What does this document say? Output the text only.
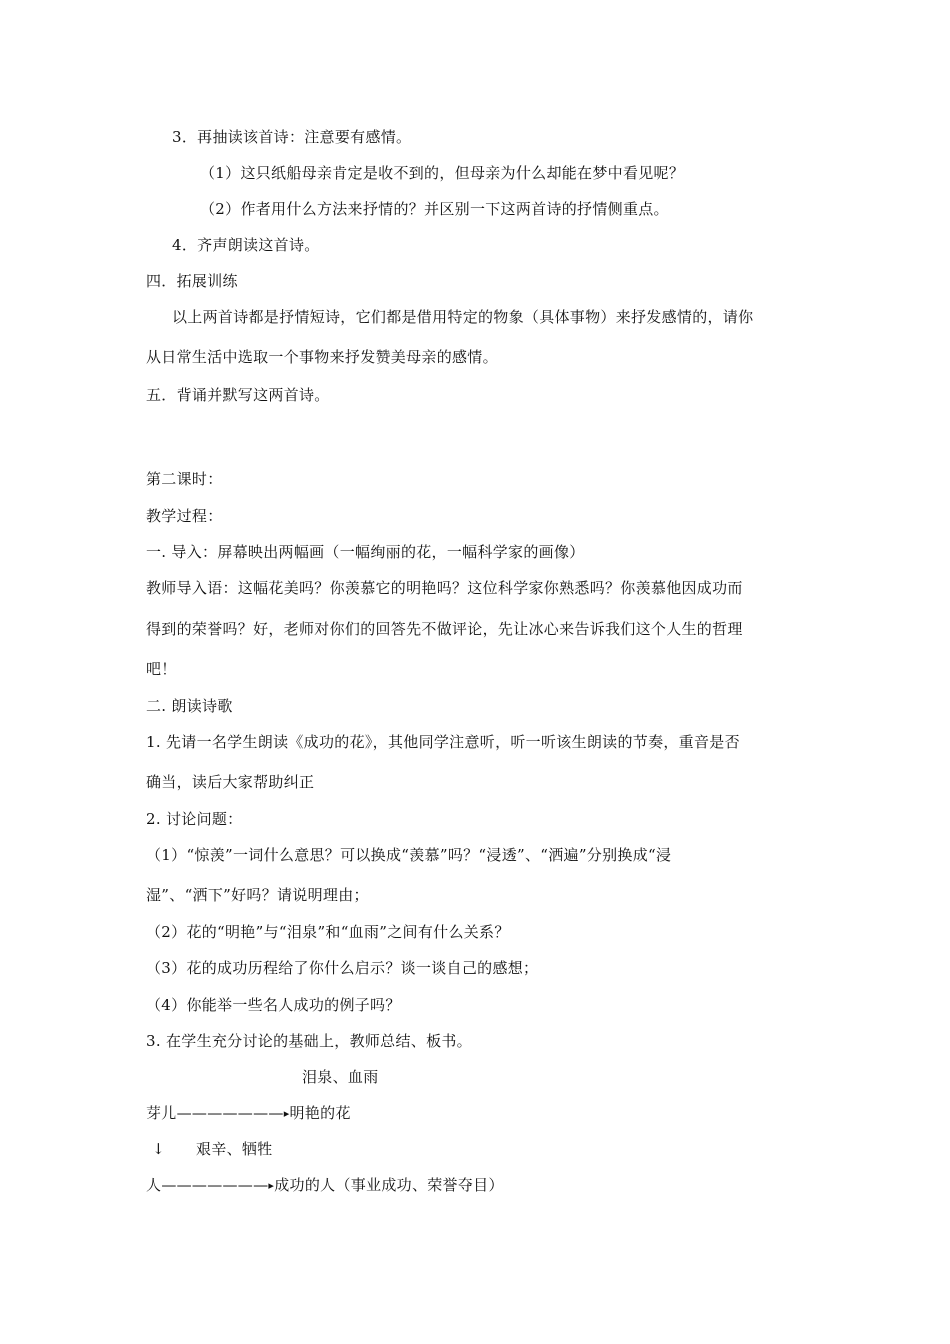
3．再抽读该首诗：注意要有感情。
（1）这只纸船母亲肯定是收不到的，但母亲为什么却能在梦中看见呢？
（2）作者用什么方法来抒情的？并区别一下这两首诗的抒情侧重点。
4．齐声朗读这首诗。
四．拓展训练
以上两首诗都是抒情短诗，它们都是借用特定的物象（具体事物）来抒发感情的，请你
从日常生活中选取一个事物来抒发赞美母亲的感情。
五．背诵并默写这两首诗。
第二课时：
教学过程：
一. 导入：屏幕映出两幅画（一幅绚丽的花，一幅科学家的画像）
教师导入语：这幅花美吗？你羡慕它的明艳吗？这位科学家你熟悉吗？你羡慕他因成功而
得到的荣誉吗？好，老师对你们的回答先不做评论，先让冰心来告诉我们这个人生的哲理
吧！
二. 朗读诗歌
1. 先请一名学生朗读《成功的花》，其他同学注意听，听一听该生朗读的节奏，重音是否
确当，读后大家帮助纠正
2. 讨论问题：
（1）“惊羡”一词什么意思？可以换成“羡慕”吗？“浸透”、“洒遍”分别换成“浸
湿”、“洒下”好吗？请说明理由；
（2）花的“明艳”与“泪泉”和“血雨”之间有什么关系？
（3）花的成功历程给了你什么启示？谈一谈自己的感想；
（4）你能举一些名人成功的例子吗？
3. 在学生充分讨论的基础上，教师总结、板书。
泪泉、血雨
芽儿———————▸明艳的花
↓ 艰辛、牺牲
人———————▸成功的人（事业成功、荣誉夺目）
